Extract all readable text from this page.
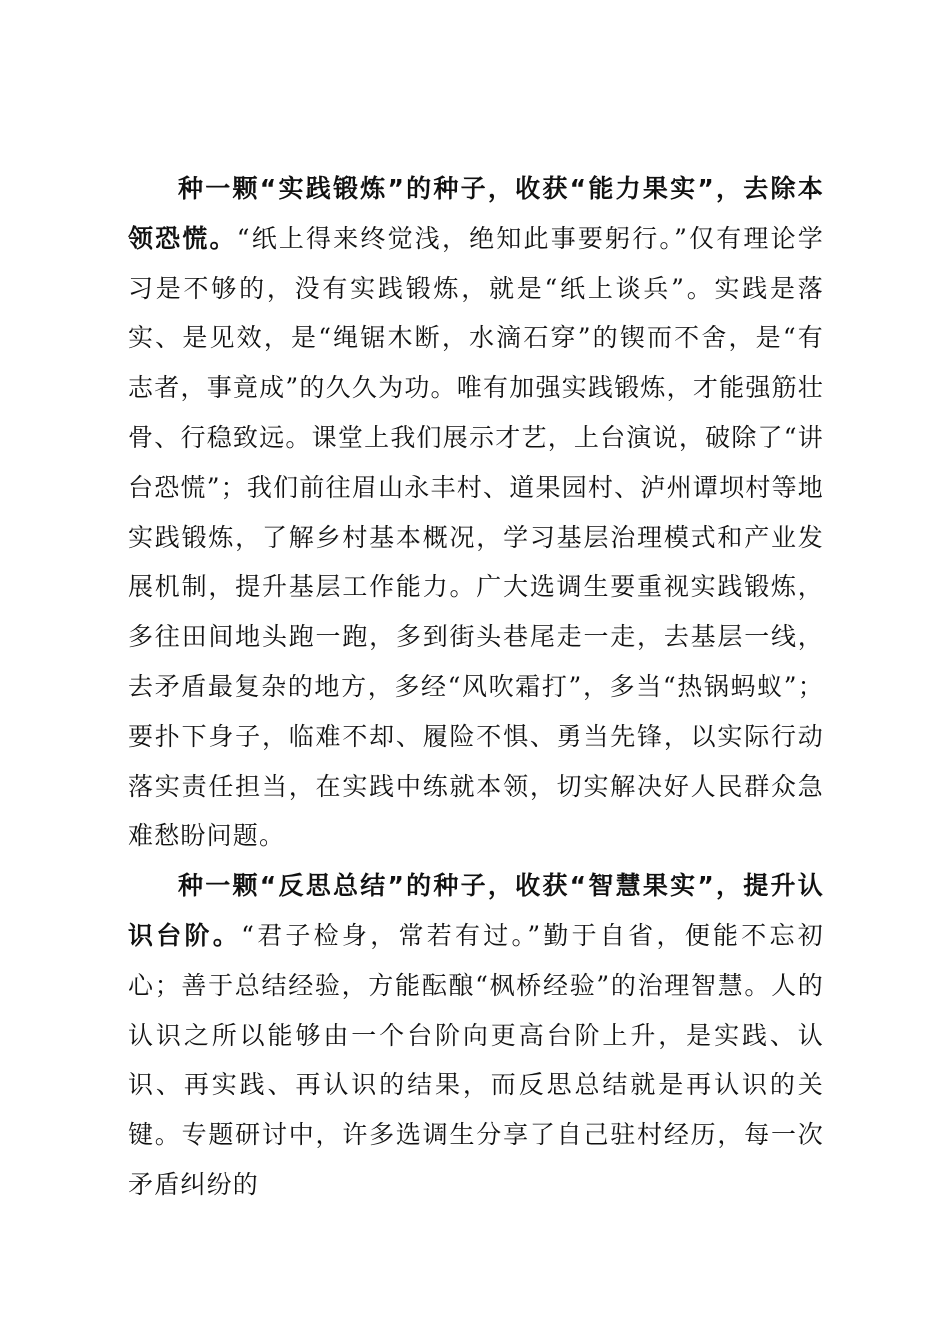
种一颗“实践锻炼”的种子，收获“能力果实”，去除本领恐慌。“纸上得来终觉浅，绝知此事要躬行。”仅有理论学习是不够的，没有实践锻炼，就是“纸上谈兵”。实践是落实、是见效，是“绳锯木断，水滴石穿”的锲而不舍，是“有志者，事竟成”的久久为功。唯有加强实践锻炼，才能强筋壮骨、行稳致远。课堂上我们展示才艺，上台演说，破除了“讲台恐慌”；我们前往眉山永丰村、道果园村、泸州谭坝村等地实践锻炼，了解乡村基本概况，学习基层治理模式和产业发展机制，提升基层工作能力。广大选调生要重视实践锻炼，多往田间地头跑一跑，多到街头巷尾走一走，去基层一线，去矛盾最复杂的地方，多经“风吹霜打”，多当“热锅蚂蚁”；要扑下身子，临难不却、履险不惧、勇当先锋，以实际行动落实责任担当，在实践中练就本领，切实解决好人民群众急难愁盼问题。

种一颗“反思总结”的种子，收获“智慧果实”，提升认识台阶。“君子检身，常若有过。”勤于自省，便能不忘初心；善于总结经验，方能酝酿“枫桥经验”的治理智慧。人的认识之所以能够由一个台阶向更高台阶上升，是实践、认识、再实践、再认识的结果，而反思总结就是再认识的关键。专题研讨中，许多选调生分享了自己驻村经历，每一次矛盾纠纷的
